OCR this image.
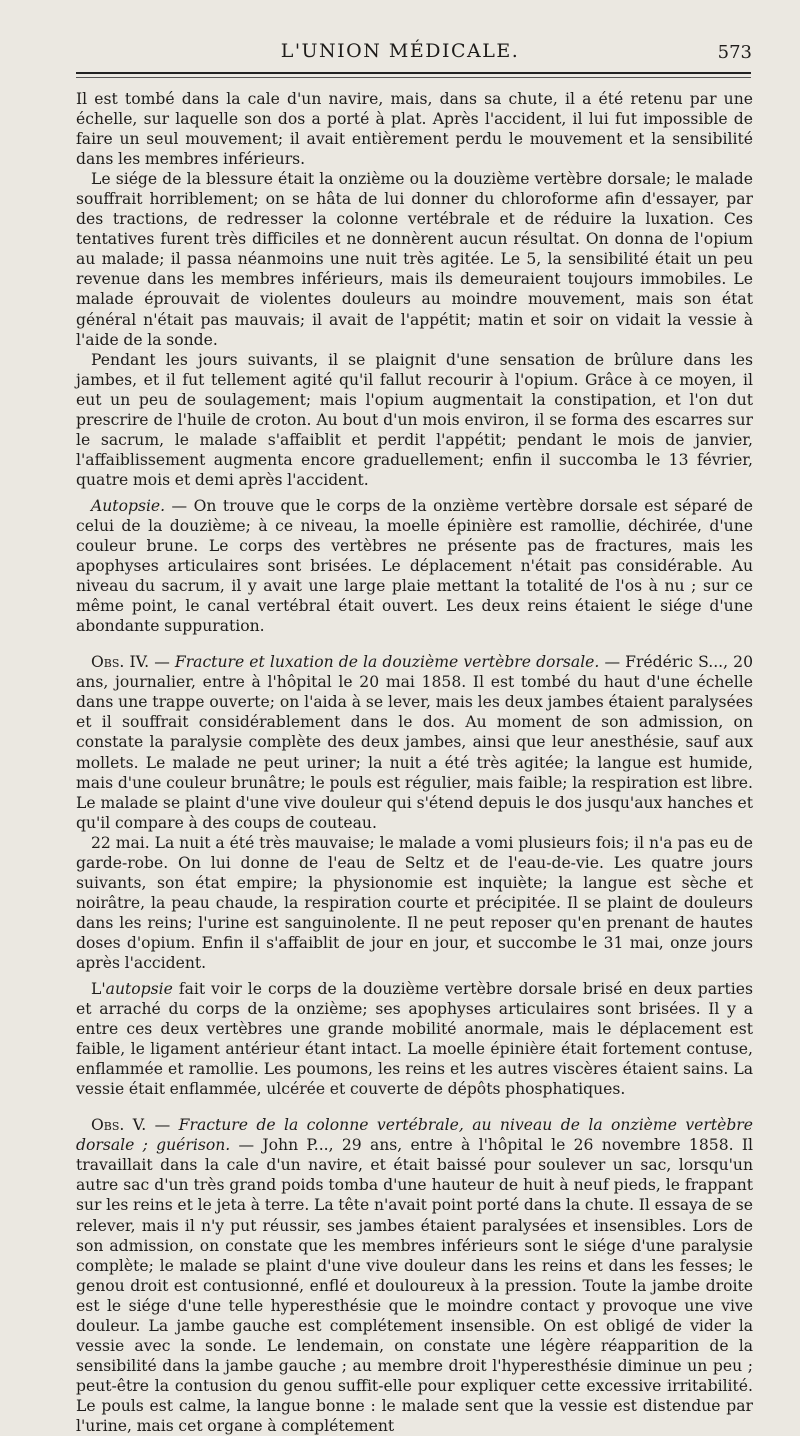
L'UNION MÉDICALE.	573

Il est tombé dans la cale d'un navire, mais, dans sa chute, il a été retenu par une échelle, sur laquelle son dos a porté à plat. Après l'accident, il lui fut impossible de faire un seul mouvement; il avait entièrement perdu le mouvement et la sensibilité dans les membres inférieurs.

Le siége de la blessure était la onzième ou la douzième vertèbre dorsale; le malade souffrait horriblement; on se hâta de lui donner du chloroforme afin d'essayer, par des tractions, de redresser la colonne vertébrale et de réduire la luxation. Ces tentatives furent très difficiles et ne donnèrent aucun résultat. On donna de l'opium au malade; il passa néanmoins une nuit très agitée. Le 5, la sensibilité était un peu revenue dans les membres inférieurs, mais ils demeuraient toujours immobiles. Le malade éprouvait de violentes douleurs au moindre mouvement, mais son état général n'était pas mauvais; il avait de l'appétit; matin et soir on vidait la vessie à l'aide de la sonde.

Pendant les jours suivants, il se plaignit d'une sensation de brûlure dans les jambes, et il fut tellement agité qu'il fallut recourir à l'opium. Grâce à ce moyen, il eut un peu de soulagement; mais l'opium augmentait la constipation, et l'on dut prescrire de l'huile de croton. Au bout d'un mois environ, il se forma des escarres sur le sacrum, le malade s'affaiblit et perdit l'appétit; pendant le mois de janvier, l'affaiblissement augmenta encore graduellement; enfin il succomba le 13 février, quatre mois et demi après l'accident.

Autopsie. — On trouve que le corps de la onzième vertèbre dorsale est séparé de celui de la douzième; à ce niveau, la moelle épinière est ramollie, déchirée, d'une couleur brune. Le corps des vertèbres ne présente pas de fractures, mais les apophyses articulaires sont brisées. Le déplacement n'était pas considérable. Au niveau du sacrum, il y avait une large plaie mettant la totalité de l'os à nu ; sur ce même point, le canal vertébral était ouvert. Les deux reins étaient le siége d'une abondante suppuration.

Obs. IV. — Fracture et luxation de la douzième vertèbre dorsale. — Frédéric S..., 20 ans, journalier, entre à l'hôpital le 20 mai 1858. Il est tombé du haut d'une échelle dans une trappe ouverte; on l'aida à se lever, mais les deux jambes étaient paralysées et il souffrait considérablement dans le dos. Au moment de son admission, on constate la paralysie complète des deux jambes, ainsi que leur anesthésie, sauf aux mollets. Le malade ne peut uriner; la nuit a été très agitée; la langue est humide, mais d'une couleur brunâtre; le pouls est régulier, mais faible; la respiration est libre. Le malade se plaint d'une vive douleur qui s'étend depuis le dos jusqu'aux hanches et qu'il compare à des coups de couteau.

22 mai. La nuit a été très mauvaise; le malade a vomi plusieurs fois; il n'a pas eu de garde-robe. On lui donne de l'eau de Seltz et de l'eau-de-vie. Les quatre jours suivants, son état empire; la physionomie est inquiète; la langue est sèche et noirâtre, la peau chaude, la respiration courte et précipitée. Il se plaint de douleurs dans les reins; l'urine est sanguinolente. Il ne peut reposer qu'en prenant de hautes doses d'opium. Enfin il s'affaiblit de jour en jour, et succombe le 31 mai, onze jours après l'accident.

L'autopsie fait voir le corps de la douzième vertèbre dorsale brisé en deux parties et arraché du corps de la onzième; ses apophyses articulaires sont brisées. Il y a entre ces deux vertèbres une grande mobilité anormale, mais le déplacement est faible, le ligament antérieur étant intact. La moelle épinière était fortement contuse, enflammée et ramollie. Les poumons, les reins et les autres viscères étaient sains. La vessie était enflammée, ulcérée et couverte de dépôts phosphatiques.

Obs. V. — Fracture de la colonne vertébrale, au niveau de la onzième vertèbre dorsale ; guérison. — John P..., 29 ans, entre à l'hôpital le 26 novembre 1858. Il travaillait dans la cale d'un navire, et était baissé pour soulever un sac, lorsqu'un autre sac d'un très grand poids tomba d'une hauteur de huit à neuf pieds, le frappant sur les reins et le jeta à terre. La tête n'avait point porté dans la chute. Il essaya de se relever, mais il n'y put réussir, ses jambes étaient paralysées et insensibles. Lors de son admission, on constate que les membres inférieurs sont le siége d'une paralysie complète; le malade se plaint d'une vive douleur dans les reins et dans les fesses; le genou droit est contusionné, enflé et douloureux à la pression. Toute la jambe droite est le siége d'une telle hyperesthésie que le moindre contact y provoque une vive douleur. La jambe gauche est complétement insensible. On est obligé de vider la vessie avec la sonde. Le lendemain, on constate une légère réapparition de la sensibilité dans la jambe gauche ; au membre droit l'hyperesthésie diminue un peu ; peut-être la contusion du genou suffit-elle pour expliquer cette excessive irritabilité. Le pouls est calme, la langue bonne : le malade sent que la vessie est distendue par l'urine, mais cet organe à complétement
